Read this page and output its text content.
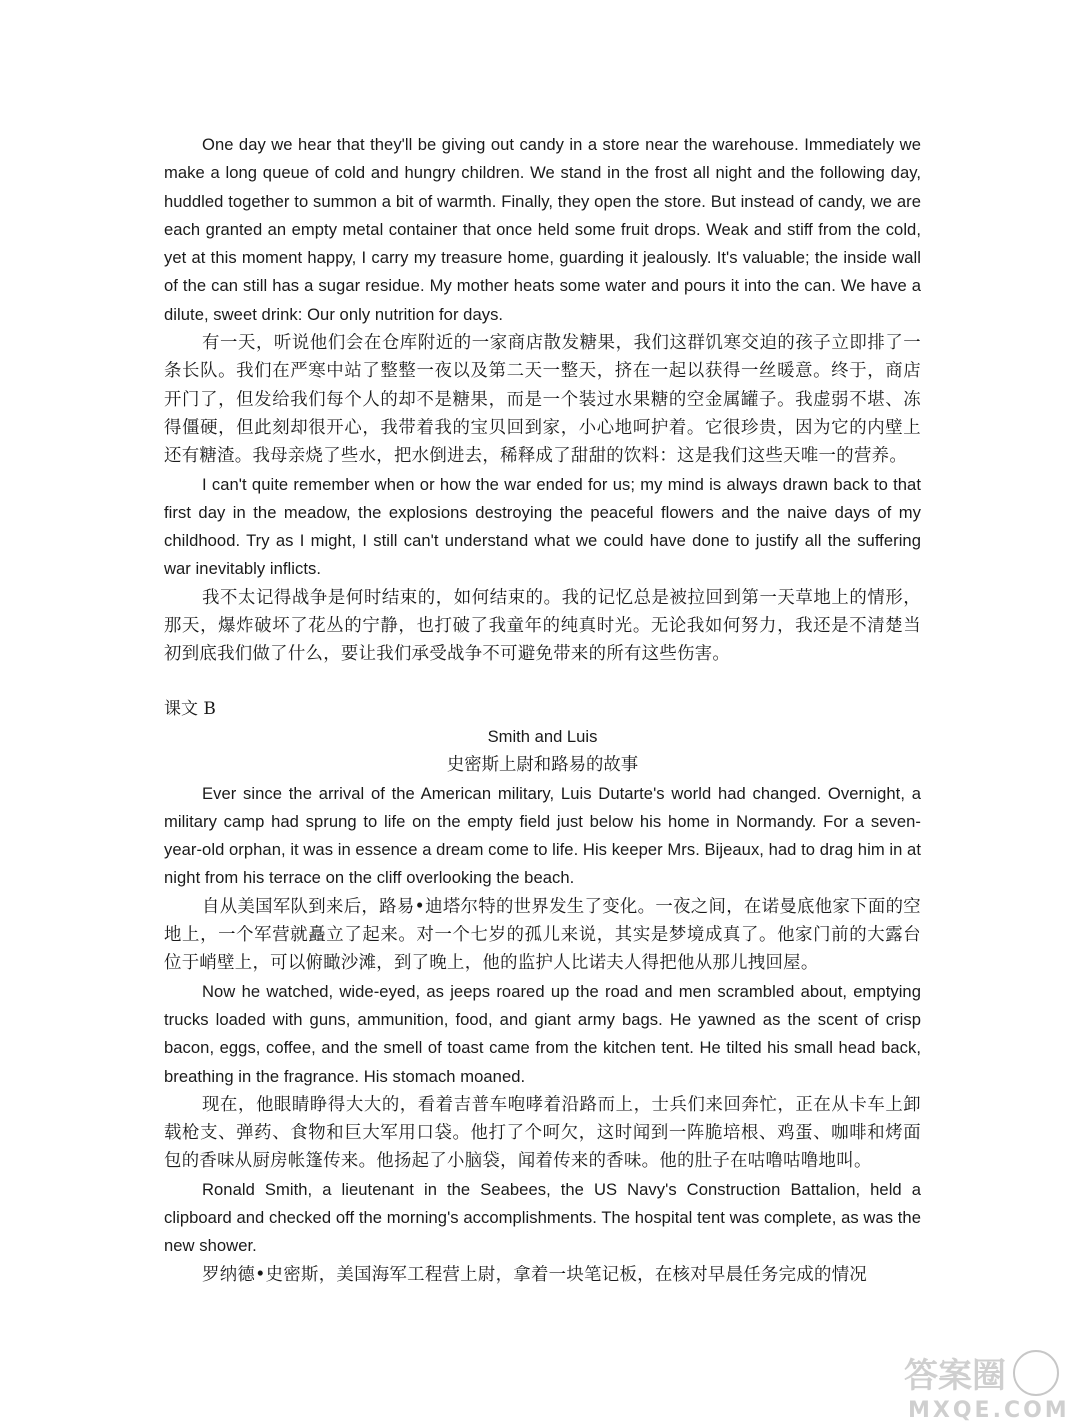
One day we hear that they'll be giving out candy in a store near the warehouse. Immediately we make a long queue of cold and hungry children. We stand in the frost all night and the following day, huddled together to summon a bit of warmth. Finally, they open the store. But instead of candy, we are each granted an empty metal container that once held some fruit drops. Weak and stiff from the cold, yet at this moment happy, I carry my treasure home, guarding it jealously. It's valuable; the inside wall of the can still has a sugar residue. My mother heats some water and pours it into the can. We have a dilute, sweet drink: Our only nutrition for days.

有一天，听说他们会在仓库附近的一家商店散发糖果，我们这群饥寒交迫的孩子立即排了一条长队。我们在严寒中站了整整一夜以及第二天一整天，挤在一起以获得一丝暖意。终于，商店开门了，但发给我们每个人的却不是糖果，而是一个装过水果糖的空金属罐子。我虚弱不堪、冻得僵硬，但此刻却很开心，我带着我的宝贝回到家，小心地呵护着。它很珍贵，因为它的内壁上还有糖渣。我母亲烧了些水，把水倒进去，稀释成了甜甜的饮料：这是我们这些天唯一的营养。

I can't quite remember when or how the war ended for us; my mind is always drawn back to that first day in the meadow, the explosions destroying the peaceful flowers and the naive days of my childhood. Try as I might, I still can't understand what we could have done to justify all the suffering war inevitably inflicts.

我不太记得战争是何时结束的，如何结束的。我的记忆总是被拉回到第一天草地上的情形，那天，爆炸破坏了花丛的宁静，也打破了我童年的纯真时光。无论我如何努力，我还是不清楚当初到底我们做了什么，要让我们承受战争不可避免带来的所有这些伤害。

课文 B

Smith and Luis

史密斯上尉和路易的故事

Ever since the arrival of the American military, Luis Dutarte's world had changed. Overnight, a military camp had sprung to life on the empty field just below his home in Normandy. For a seven-year-old orphan, it was in essence a dream come to life. His keeper Mrs. Bijeaux, had to drag him in at night from his terrace on the cliff overlooking the beach.

自从美国军队到来后，路易•迪塔尔特的世界发生了变化。一夜之间，在诺曼底他家下面的空地上，一个军营就矗立了起来。对一个七岁的孤儿来说，其实是梦境成真了。他家门前的大露台位于峭壁上，可以俯瞰沙滩，到了晚上，他的监护人比诺夫人得把他从那儿拽回屋。

Now he watched, wide-eyed, as jeeps roared up the road and men scrambled about, emptying trucks loaded with guns, ammunition, food, and giant army bags. He yawned as the scent of crisp bacon, eggs, coffee, and the smell of toast came from the kitchen tent. He tilted his small head back, breathing in the fragrance. His stomach moaned.

现在，他眼睛睁得大大的，看着吉普车咆哮着沿路而上，士兵们来回奔忙，正在从卡车上卸载枪支、弹药、食物和巨大军用口袋。他打了个呵欠，这时闻到一阵脆培根、鸡蛋、咖啡和烤面包的香味从厨房帐篷传来。他扬起了小脑袋，闻着传来的香味。他的肚子在咕噜咕噜地叫。

Ronald Smith, a lieutenant in the Seabees, the US Navy's Construction Battalion, held a clipboard and checked off the morning's accomplishments. The hospital tent was complete, as was the new shower.

罗纳德•史密斯，美国海军工程营上尉，拿着一块笔记板，在核对早晨任务完成的情况

答案圈
MXQE.COM
